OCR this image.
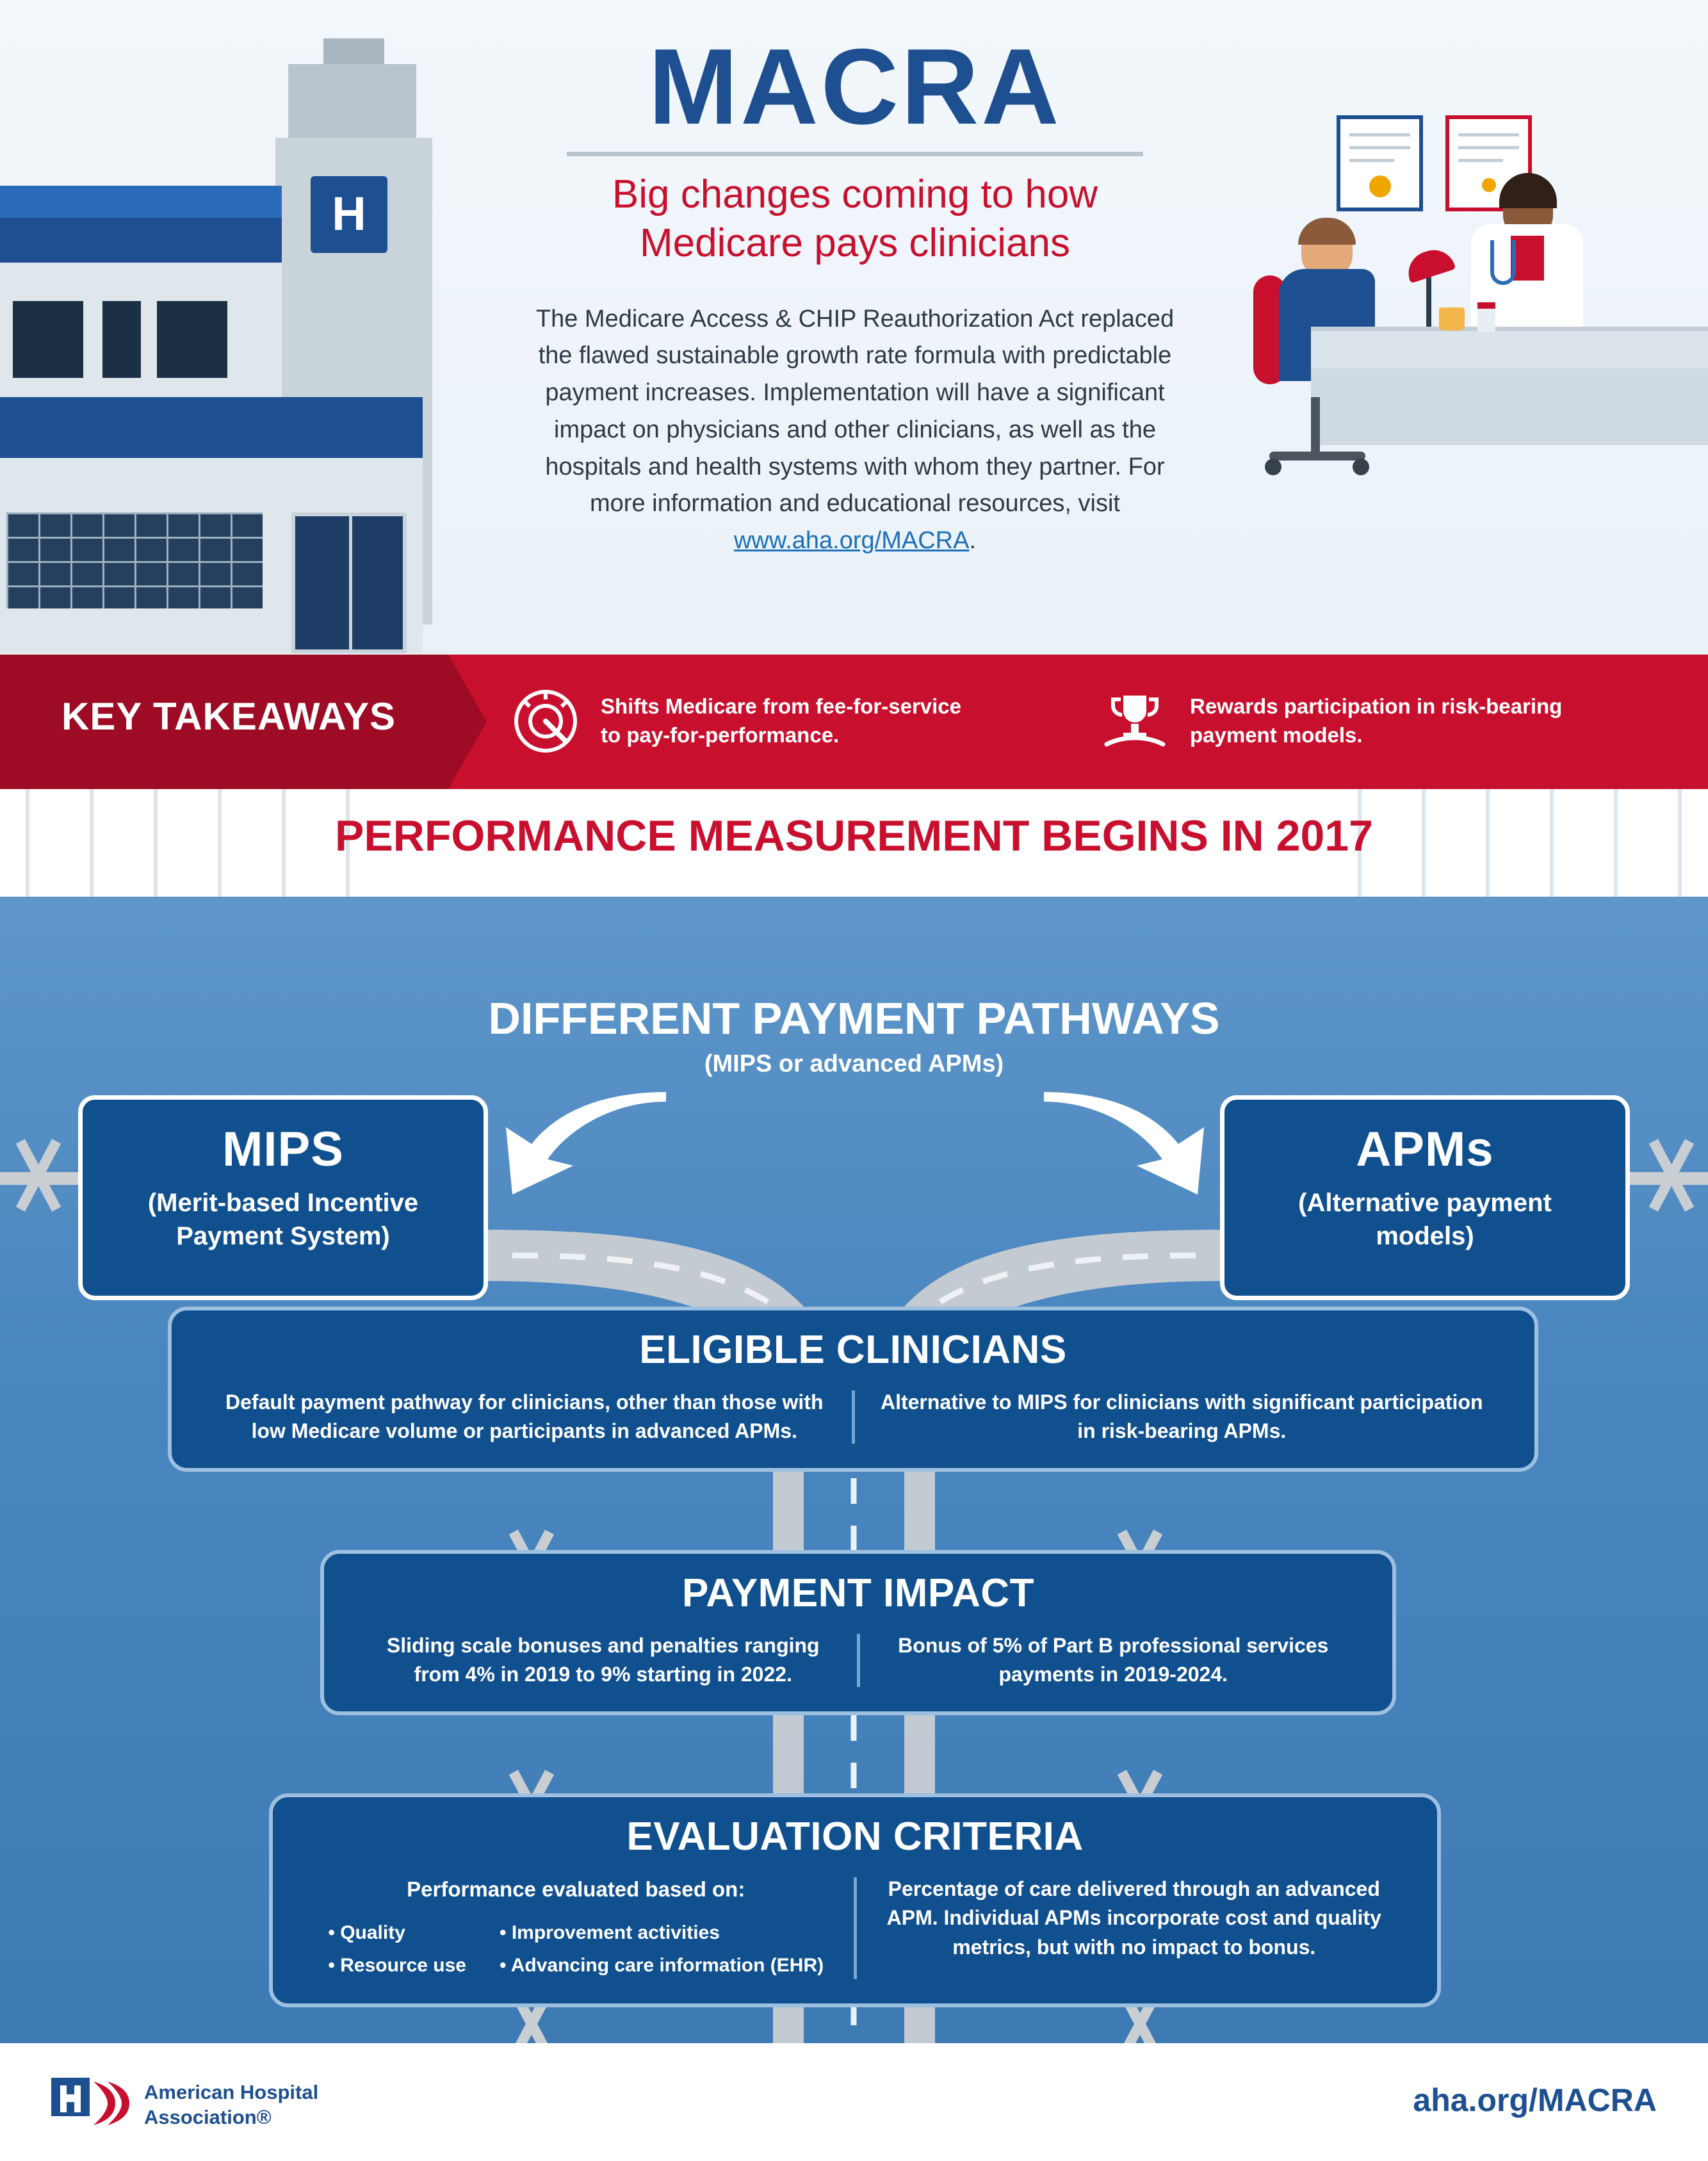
H
MACRA
Big changes coming to how
Medicare pays clinicians

The Medicare Access & CHIP Reauthorization Act replaced the flawed sustainable growth rate formula with predictable payment increases. Implementation will have a significant impact on physicians and other clinicians, as well as the hospitals and health systems with whom they partner. For more information and educational resources, visit www.aha.org/MACRA.

KEY TAKEAWAYS	Shifts Medicare from fee-for-service to pay-for-performance.
Rewards participation in risk-bearing payment models.
PERFORMANCE MEASUREMENT BEGINS IN 2017
DIFFERENT PAYMENT PATHWAYS
(MIPS or advanced APMs)
MIPS
(Merit-based Incentive
Payment System)
APMs
(Alternative payment
models)
ELIGIBLE CLINICIANS
Default payment pathway for clinicians, other than those with low Medicare volume or participants in advanced APMs.
Alternative to MIPS for clinicians with significant participation in risk-bearing APMs.
PAYMENT IMPACT
Sliding scale bonuses and penalties ranging from 4% in 2019 to 9% starting in 2022.
Bonus of 5% of Part B professional services payments in 2019-2024.
EVALUATION CRITERIA
Performance evaluated based on:
• Quality
• Resource use
• Improvement activities
• Advancing care information (EHR)
Percentage of care delivered through an advanced APM. Individual APMs incorporate cost and quality metrics, but with no impact to bonus.
American Hospital
Association®	aha.org/MACRA
